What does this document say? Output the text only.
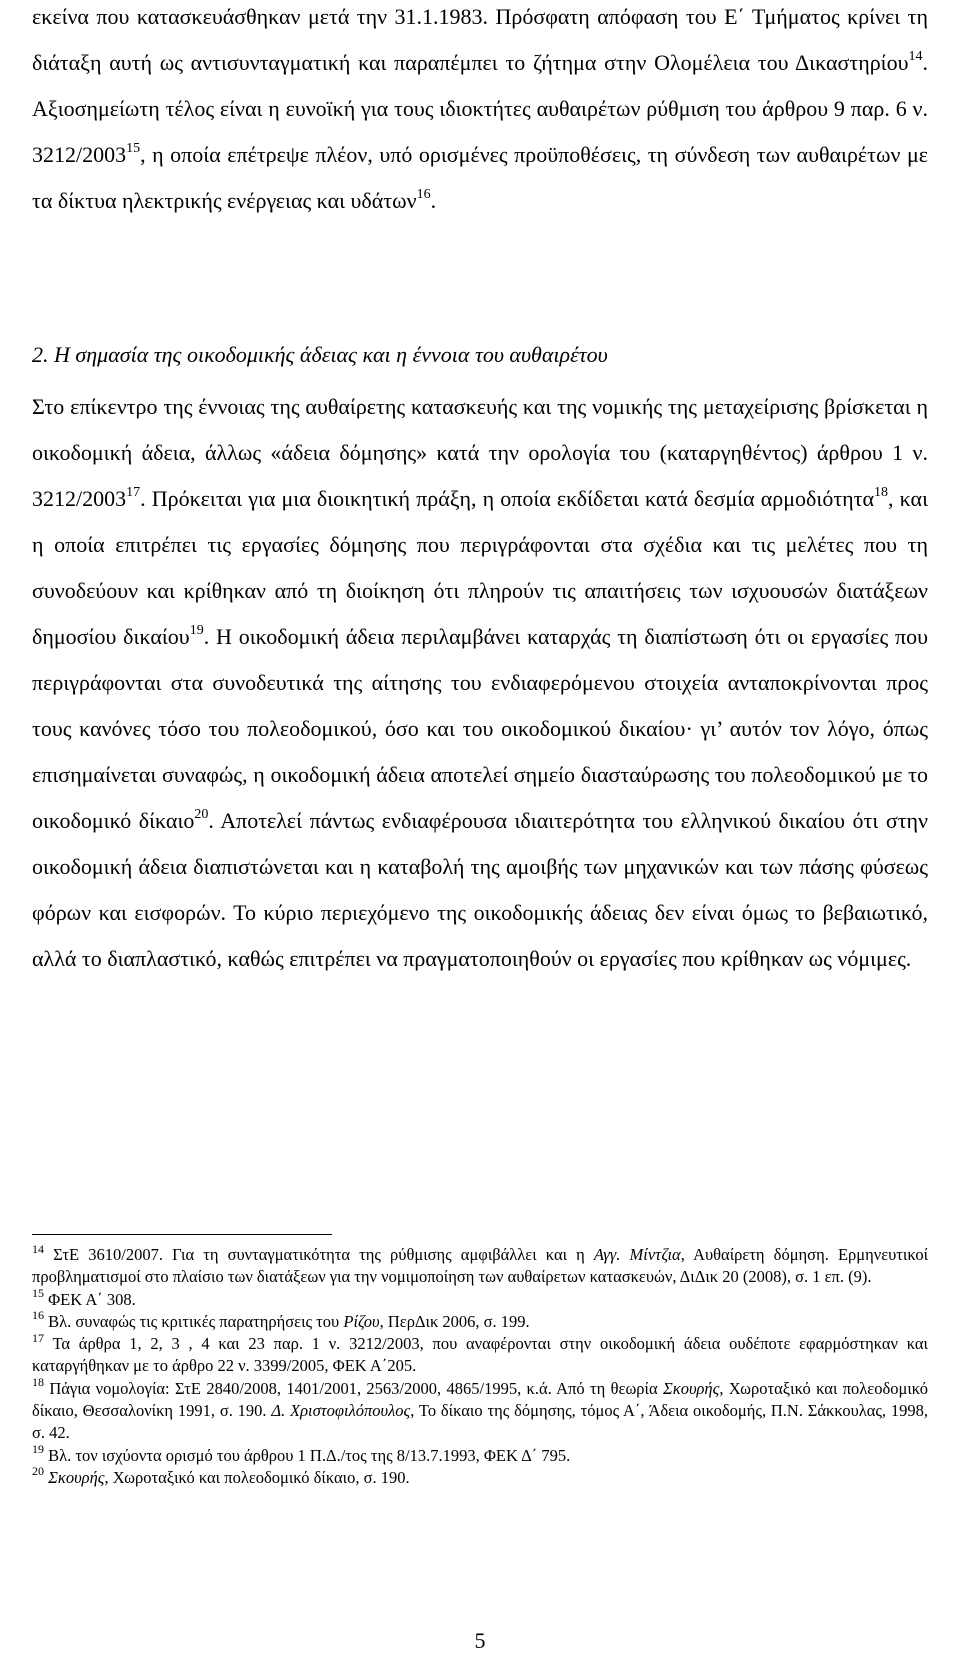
εκείνα που κατασκευάσθηκαν μετά την 31.1.1983. Πρόσφατη απόφαση του Ε΄ Τμήματος κρίνει τη διάταξη αυτή ως αντισυνταγματική και παραπέμπει το ζήτημα στην Ολομέλεια του Δικαστηρίου$^{14}$. Αξιοσημείωτη τέλος είναι η ευνοϊκή για τους ιδιοκτήτες αυθαιρέτων ρύθμιση του άρθρου 9 παρ. 6 ν. 3212/2003$^{15}$, η οποία επέτρεψε πλέον, υπό ορισμένες προϋποθέσεις, τη σύνδεση των αυθαιρέτων με τα δίκτυα ηλεκτρικής ενέργειας και υδάτων$^{16}$.

2. Η σημασία της οικοδομικής άδειας και η έννοια του αυθαιρέτου

Στο επίκεντρο της έννοιας της αυθαίρετης κατασκευής και της νομικής της μεταχείρισης βρίσκεται η οικοδομική άδεια, άλλως «άδεια δόμησης» κατά την ορολογία του (καταργηθέντος) άρθρου 1 ν. 3212/2003$^{17}$. Πρόκειται για μια διοικητική πράξη, η οποία εκδίδεται κατά δεσμία αρμοδιότητα$^{18}$, και η οποία επιτρέπει τις εργασίες δόμησης που περιγράφονται στα σχέδια και τις μελέτες που τη συνοδεύουν και κρίθηκαν από τη διοίκηση ότι πληρούν τις απαιτήσεις των ισχυουσών διατάξεων δημοσίου δικαίου$^{19}$. Η οικοδομική άδεια περιλαμβάνει καταρχάς τη διαπίστωση ότι οι εργασίες που περιγράφονται στα συνοδευτικά της αίτησης του ενδιαφερόμενου στοιχεία ανταποκρίνονται προς τους κανόνες τόσο του πολεοδομικού, όσο και του οικοδομικού δικαίου· γι’ αυτόν τον λόγο, όπως επισημαίνεται συναφώς, η οικοδομική άδεια αποτελεί σημείο διασταύρωσης του πολεοδομικού με το οικοδομικό δίκαιο$^{20}$. Αποτελεί πάντως ενδιαφέρουσα ιδιαιτερότητα του ελληνικού δικαίου ότι στην οικοδομική άδεια διαπιστώνεται και η καταβολή της αμοιβής των μηχανικών και των πάσης φύσεως φόρων και εισφορών. Το κύριο περιεχόμενο της οικοδομικής άδειας δεν είναι όμως το βεβαιωτικό, αλλά το διαπλαστικό, καθώς επιτρέπει να πραγματοποιηθούν οι εργασίες που κρίθηκαν ως νόμιμες.

$^{14}$ ΣτΕ 3610/2007. Για τη συνταγματικότητα της ρύθμισης αμφιβάλλει και η Αγγ. Μίντζια, Αυθαίρετη δόμηση. Ερμηνευτικοί προβληματισμοί στο πλαίσιο των διατάξεων για την νομιμοποίηση των αυθαίρετων κατασκευών, ΔιΔικ 20 (2008), σ. 1 επ. (9).

$^{15}$ ΦΕΚ Α΄ 308.

$^{16}$ Βλ. συναφώς τις κριτικές παρατηρήσεις του Ρίζου, ΠερΔικ 2006, σ. 199.

$^{17}$ Τα άρθρα 1, 2, 3 , 4 και 23 παρ. 1 ν. 3212/2003, που αναφέρονται στην οικοδομική άδεια ουδέποτε εφαρμόστηκαν και καταργήθηκαν με το άρθρο 22 ν. 3399/2005, ΦΕΚ Α΄205.

$^{18}$ Πάγια νομολογία: ΣτΕ 2840/2008, 1401/2001, 2563/2000, 4865/1995, κ.ά. Από τη θεωρία Σκουρής, Χωροταξικό και πολεοδομικό δίκαιο, Θεσσαλονίκη 1991, σ. 190. Δ. Χριστοφιλόπουλος, Το δίκαιο της δόμησης, τόμος Α΄, Άδεια οικοδομής, Π.Ν. Σάκκουλας, 1998, σ. 42.

$^{19}$ Βλ. τον ισχύοντα ορισμό του άρθρου 1 Π.Δ./τος της 8/13.7.1993, ΦΕΚ Δ΄ 795.

$^{20}$ Σκουρής, Χωροταξικό και πολεοδομικό δίκαιο, σ. 190.

5
